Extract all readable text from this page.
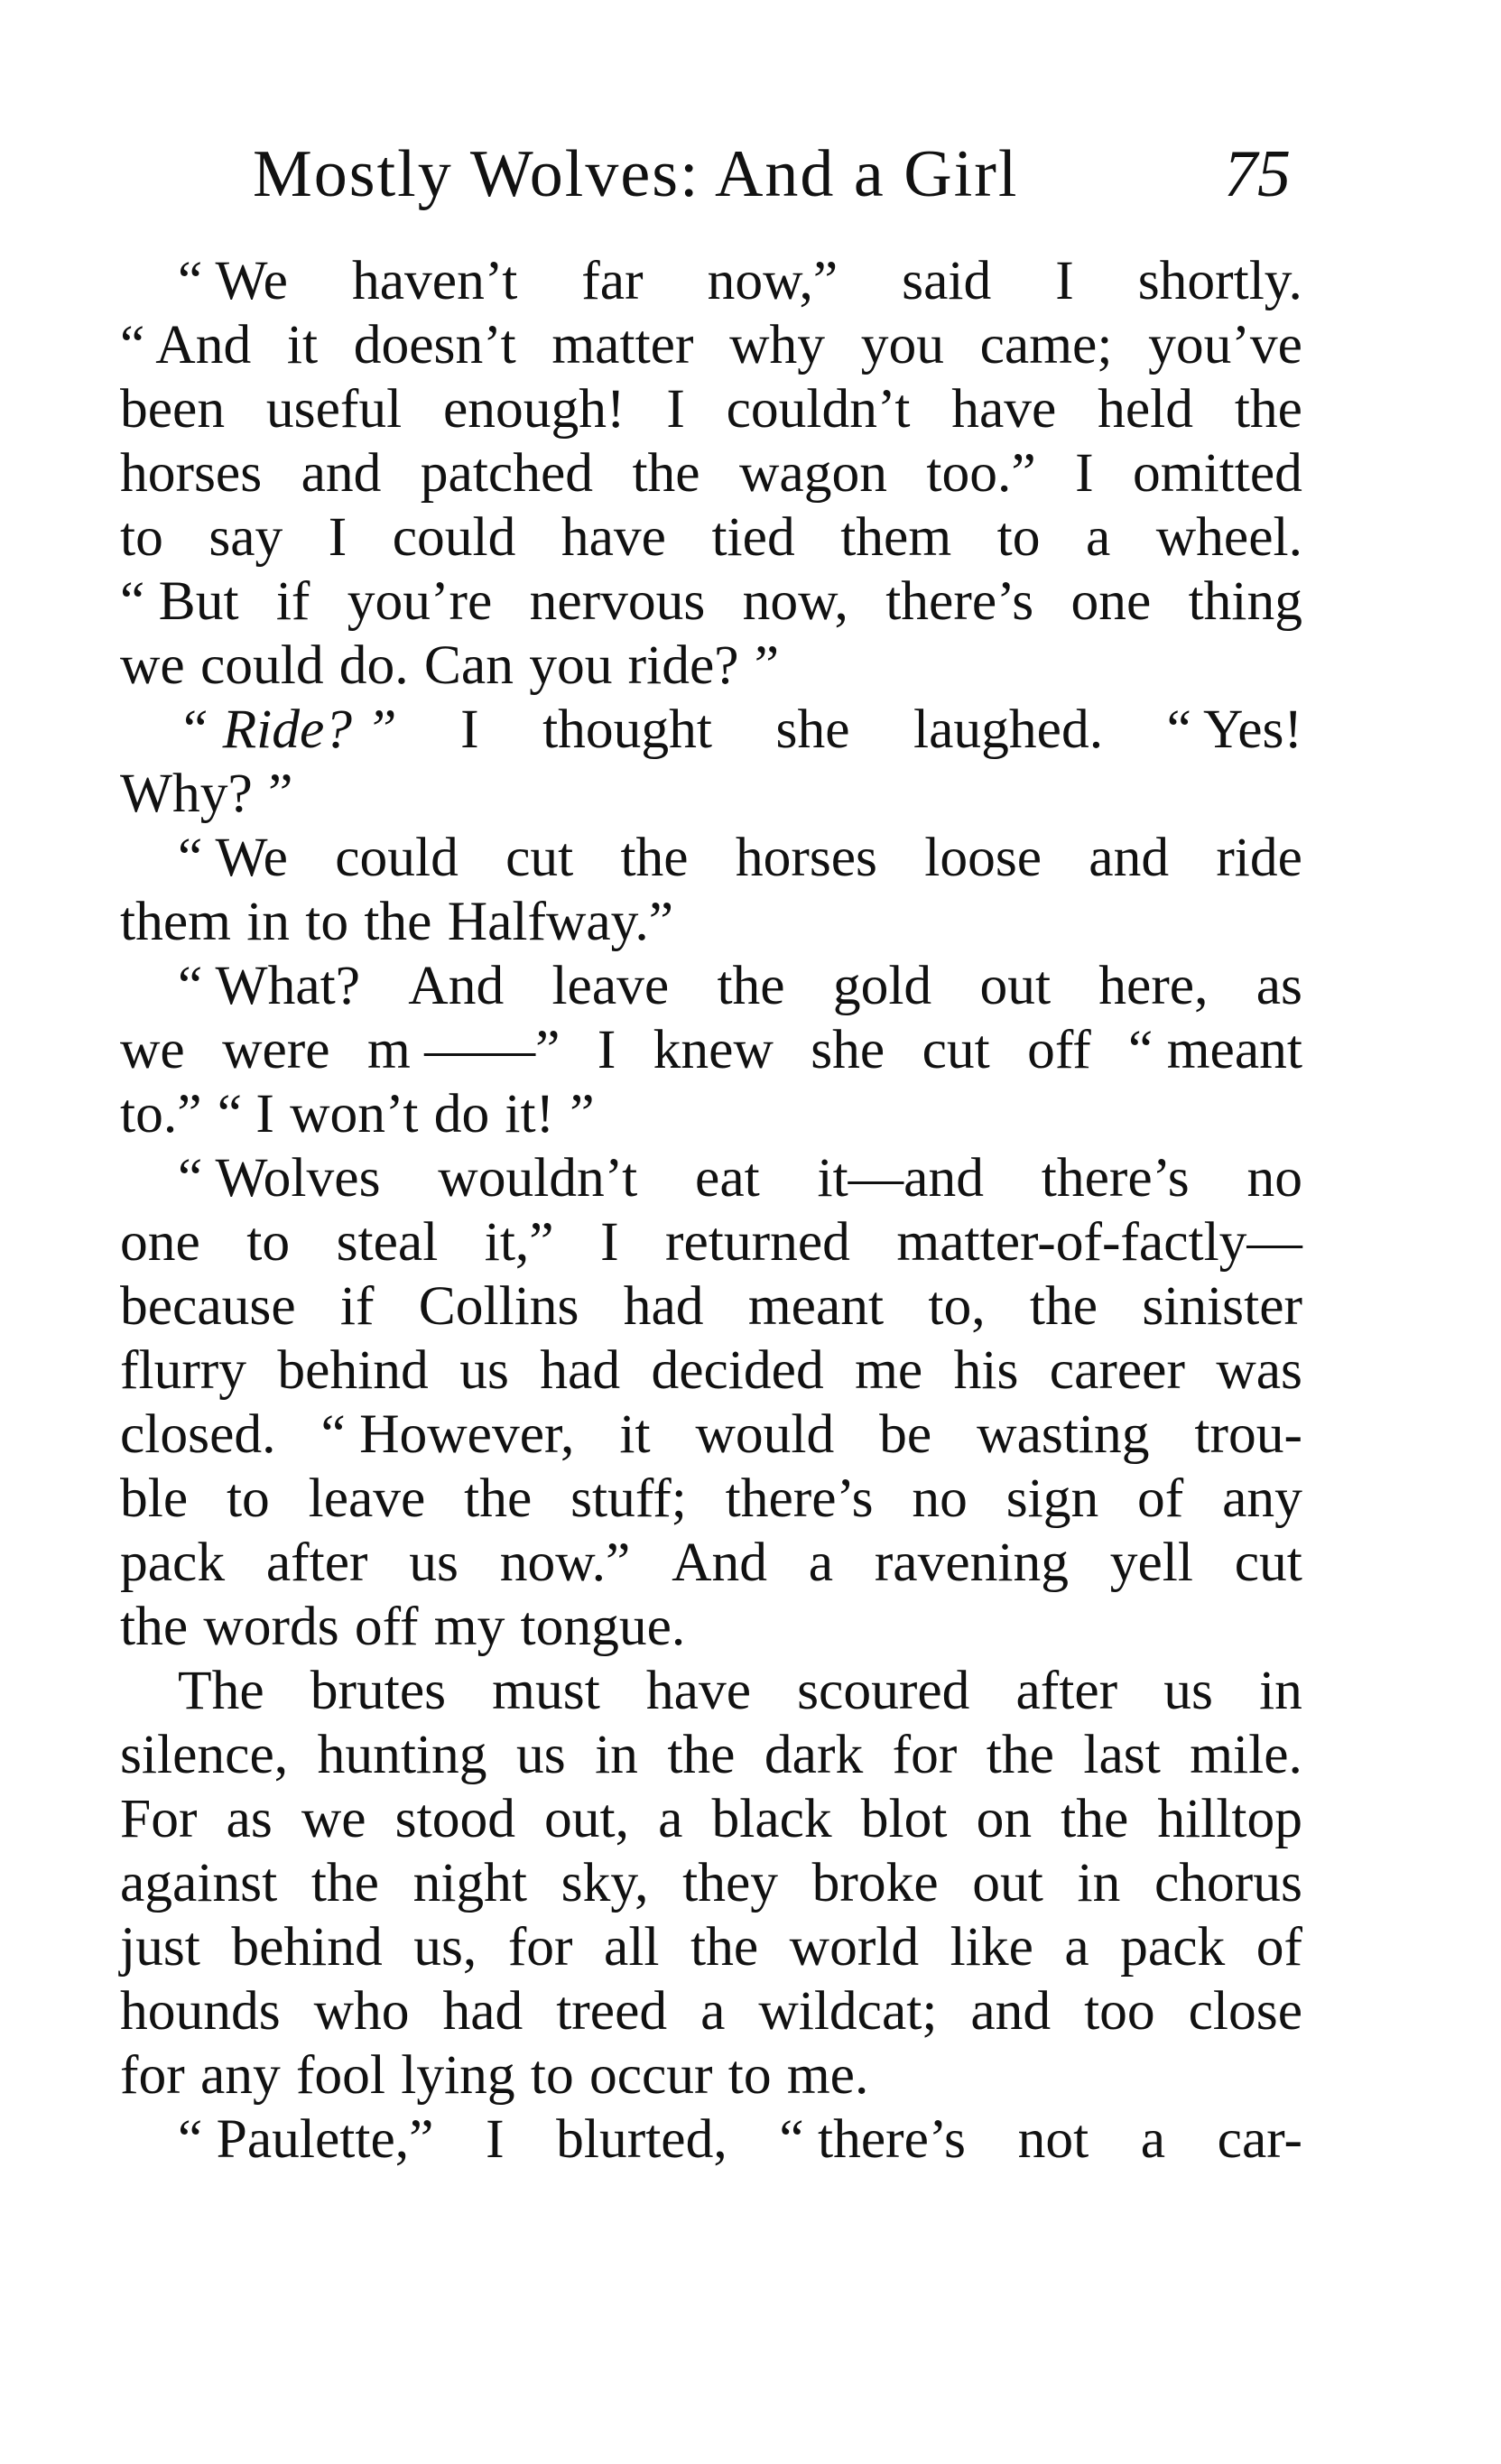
Mostly Wolves: And a Girl	75
“ We haven’t far now,” said I shortly.
“ And it doesn’t matter why you came; you’ve
been useful enough! I couldn’t have held the
horses and patched the wagon too.” I omitted
to say I could have tied them to a wheel.
“ But if you’re nervous now, there’s one thing
we could do. Can you ride? ”
“ Ride? ” I thought she laughed. “ Yes!
Why? ”
“ We could cut the horses loose and ride
them in to the Halfway.”
“ What? And leave the gold out here, as
we were m ——” I knew she cut off “ meant
to.” “ I won’t do it! ”
“ Wolves wouldn’t eat it—and there’s no
one to steal it,” I returned matter-of-factly—
because if Collins had meant to, the sinister
flurry behind us had decided me his career was
closed. “ However, it would be wasting trou-
ble to leave the stuff; there’s no sign of any
pack after us now.” And a ravening yell cut
the words off my tongue.
The brutes must have scoured after us in
silence, hunting us in the dark for the last mile.
For as we stood out, a black blot on the hilltop
against the night sky, they broke out in chorus
just behind us, for all the world like a pack of
hounds who had treed a wildcat; and too close
for any fool lying to occur to me.
“ Paulette,” I blurted, “ there’s not a car-
